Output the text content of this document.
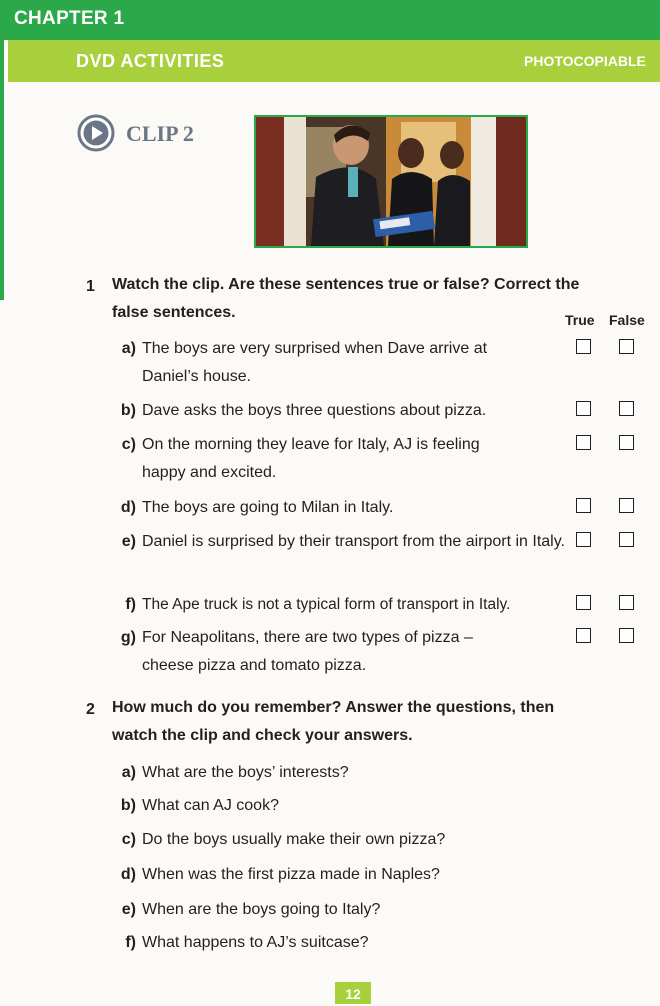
CHAPTER 1
DVD ACTIVITIES	PHOTOCOPIABLE
CLIP 2
1 Watch the clip. Are these sentences true or false? Correct the
false sentences.	True False
a) The boys are very surprised when Dave arrive at Daniel’s house.
b) Dave asks the boys three questions about pizza.
c) On the morning they leave for Italy, AJ is feeling happy and excited.
d) The boys are going to Milan in Italy.
e) Daniel is surprised by their transport from the airport in Italy.
f) The Ape truck is not a typical form of transport in Italy.
g) For Neapolitans, there are two types of pizza – cheese pizza and tomato pizza.
2 How much do you remember? Answer the questions, then
watch the clip and check your answers.
a) What are the boys’ interests?
b) What can AJ cook?
c) Do the boys usually make their own pizza?
d) When was the first pizza made in Naples?
e) When are the boys going to Italy?
f) What happens to AJ’s suitcase?
12
